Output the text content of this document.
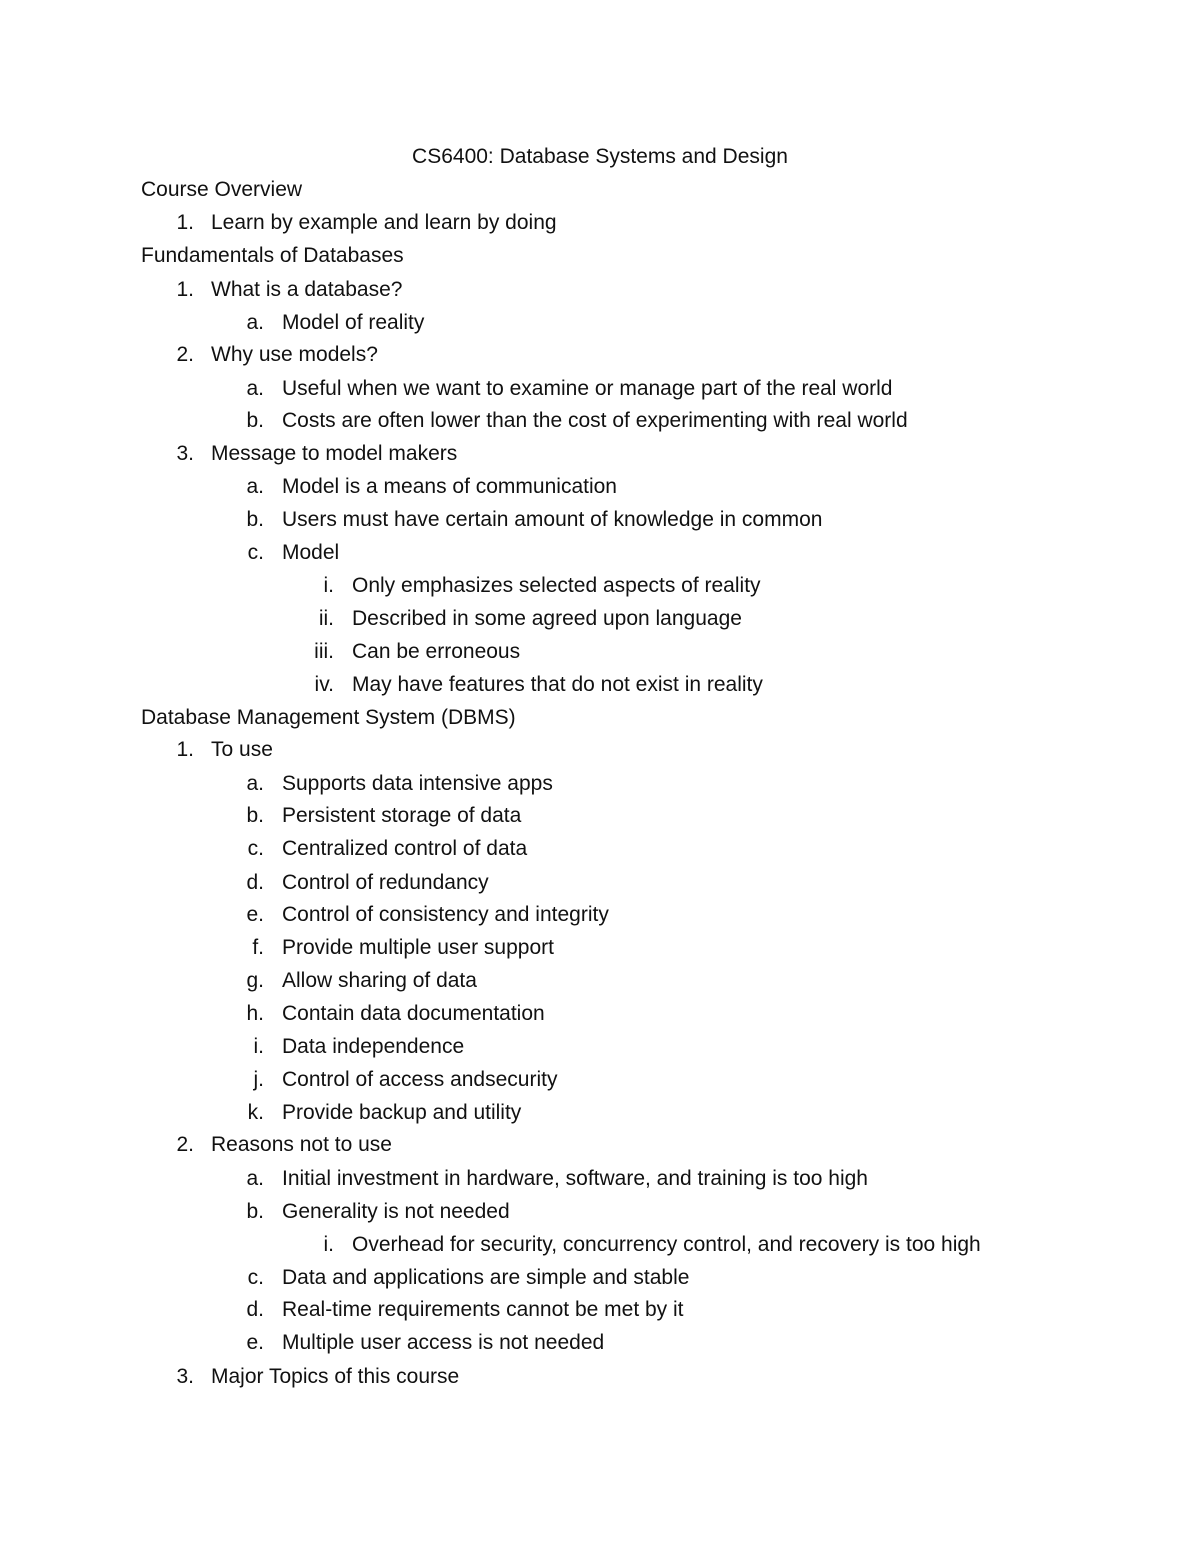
CS6400: Database Systems and Design
Course Overview
1. Learn by example and learn by doing
Fundamentals of Databases
1. What is a database?
a. Model of reality
2. Why use models?
a. Useful when we want to examine or manage part of the real world
b. Costs are often lower than the cost of experimenting with real world
3. Message to model makers
a. Model is a means of communication
b. Users must have certain amount of knowledge in common
c. Model
i. Only emphasizes selected aspects of reality
ii. Described in some agreed upon language
iii. Can be erroneous
iv. May have features that do not exist in reality
Database Management System (DBMS)
1. To use
a. Supports data intensive apps
b. Persistent storage of data
c. Centralized control of data
d. Control of redundancy
e. Control of consistency and integrity
f. Provide multiple user support
g. Allow sharing of data
h. Contain data documentation
i. Data independence
j. Control of access andsecurity
k. Provide backup and utility
2. Reasons not to use
a. Initial investment in hardware, software, and training is too high
b. Generality is not needed
i. Overhead for security, concurrency control, and recovery is too high
c. Data and applications are simple and stable
d. Real-time requirements cannot be met by it
e. Multiple user access is not needed
3. Major Topics of this course
